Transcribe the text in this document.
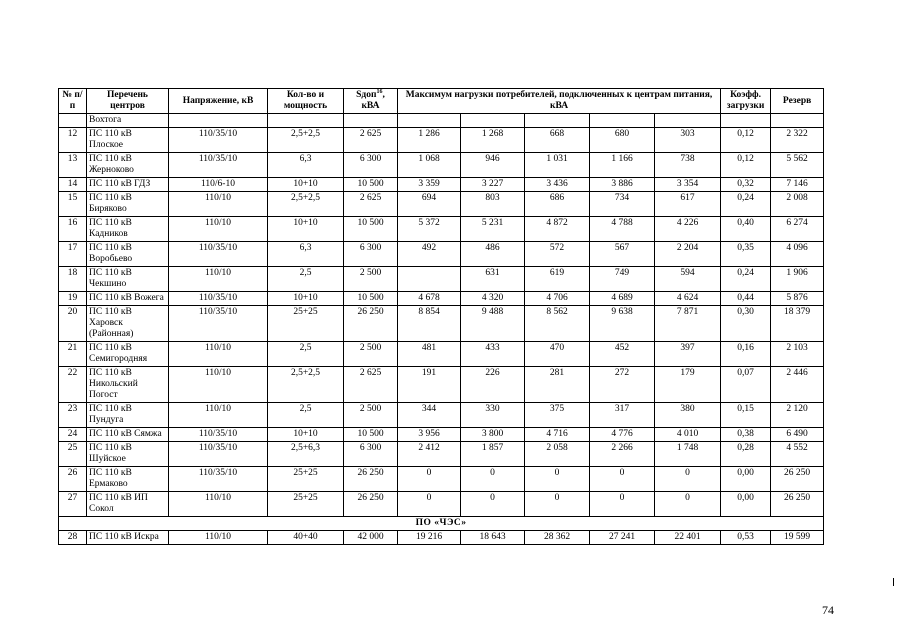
№ п/п	Перечень центров	Напряжение, кВ	Кол-во и мощность	Sдоп$^{16}$, кВА	Максимум нагрузки потребителей, подключенных к центрам питания, кВА					Коэфф. загрузки	Резерв
	Вохтога										
12	ПС 110 кВ Плоское	110/35/10	2,5+2,5	2 625	1 286	1 268	668	680	303	0,12	2 322
13	ПС 110 кВ Жерноково	110/35/10	6,3	6 300	1 068	946	1 031	1 166	738	0,12	5 562
14	ПС 110 кВ ГДЗ	110/6-10	10+10	10 500	3 359	3 227	3 436	3 886	3 354	0,32	7 146
15	ПС 110 кВ Биряково	110/10	2,5+2,5	2 625	694	803	686	734	617	0,24	2 008
16	ПС 110 кВ Кадников	110/10	10+10	10 500	5 372	5 231	4 872	4 788	4 226	0,40	6 274
17	ПС 110 кВ Воробьево	110/35/10	6,3	6 300	492	486	572	567	2 204	0,35	4 096
18	ПС 110 кВ Чекшино	110/10	2,5	2 500		631	619	749	594	0,24	1 906
19	ПС 110 кВ Вожега	110/35/10	10+10	10 500	4 678	4 320	4 706	4 689	4 624	0,44	5 876
20	ПС 110 кВ Харовск (Районная)	110/35/10	25+25	26 250	8 854	9 488	8 562	9 638	7 871	0,30	18 379
21	ПС 110 кВ Семигородняя	110/10	2,5	2 500	481	433	470	452	397	0,16	2 103
22	ПС 110 кВ Никольский Погост	110/10	2,5+2,5	2 625	191	226	281	272	179	0,07	2 446
23	ПС 110 кВ Пундуга	110/10	2,5	2 500	344	330	375	317	380	0,15	2 120
24	ПС 110 кВ Сямжа	110/35/10	10+10	10 500	3 956	3 800	4 716	4 776	4 010	0,38	6 490
25	ПС 110 кВ Шуйское	110/35/10	2,5+6,3	6 300	2 412	1 857	2 058	2 266	1 748	0,28	4 552
26	ПС 110 кВ Ермаково	110/35/10	25+25	26 250	0	0	0	0	0	0,00	26 250
27	ПС 110 кВ ИП Сокол	110/10	25+25	26 250	0	0	0	0	0	0,00	26 250
ПО «ЧЭС»											
28	ПС 110 кВ Искра	110/10	40+40	42 000	19 216	18 643	28 362	27 241	22 401	0,53	19 599
74
